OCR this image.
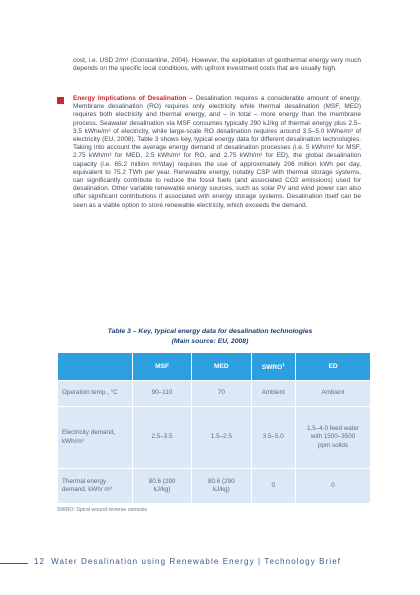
cost, i.e. USD 2/m³ (Constantine, 2004). However, the exploitation of geothermal energy very much depends on the specific local conditions, with upfront investment costs that are usually high.
Energy Implications of Desalination – Desalination requires a considerable amount of energy. Membrane desalination (RO) requires only electricity while thermal desalination (MSF, MED) requires both electricity and thermal energy, and – in total – more energy than the membrane process. Seawater desalination via MSF consumes typically 290 kJ/kg of thermal energy plus 2.5–3.5 kWhe/m³ of electricity, while large-scale RO desalination requires around 3.5–5.0 kWhe/m³ of electricity (EU, 2008). Table 3 shows key, typical energy data for different desalination technologies. Taking into account the average energy demand of desalination processes (i.e. 5 kWh/m³ for MSF, 2.75 kWh/m³ for MED, 2.5 kWh/m³ for RO, and 2.75 kWh/m³ for ED), the global desalination capacity (i.e. 65.2 million m³/day) requires the use of approximately 206 million kWh per day, equivalent to 75.2 TWh per year. Renewable energy, notably CSP with thermal storage systems, can significantly contribute to reduce the fossil fuels (and associated CO2 emissions) used for desalination. Other variable renewable energy sources, such as solar PV and wind power can also offer significant contributions if associated with energy storage systems. Desalination itself can be seen as a viable option to store renewable electricity, which exceeds the demand.
Table 3 – Key, typical energy data for desalination technologies
(Main source: EU, 2008)
	MSF	MED	SWRO$^1$	ED
Operation temp., °C	90–110	70	Ambient	Ambient
Electricity demand, kWh/m³	2.5–3.5	1.5–2.5	3.5–5.0	1.5–4.0 feed water with 1500–3500 ppm solids
Thermal energy demand, kWh/ m³	80.6 (290 kJ/kg)	80.6 (290 kJ/kg)	0	0
SWRO: Spiral wound reverse osmosis
12 Water Desalination using Renewable Energy | Technology Brief
